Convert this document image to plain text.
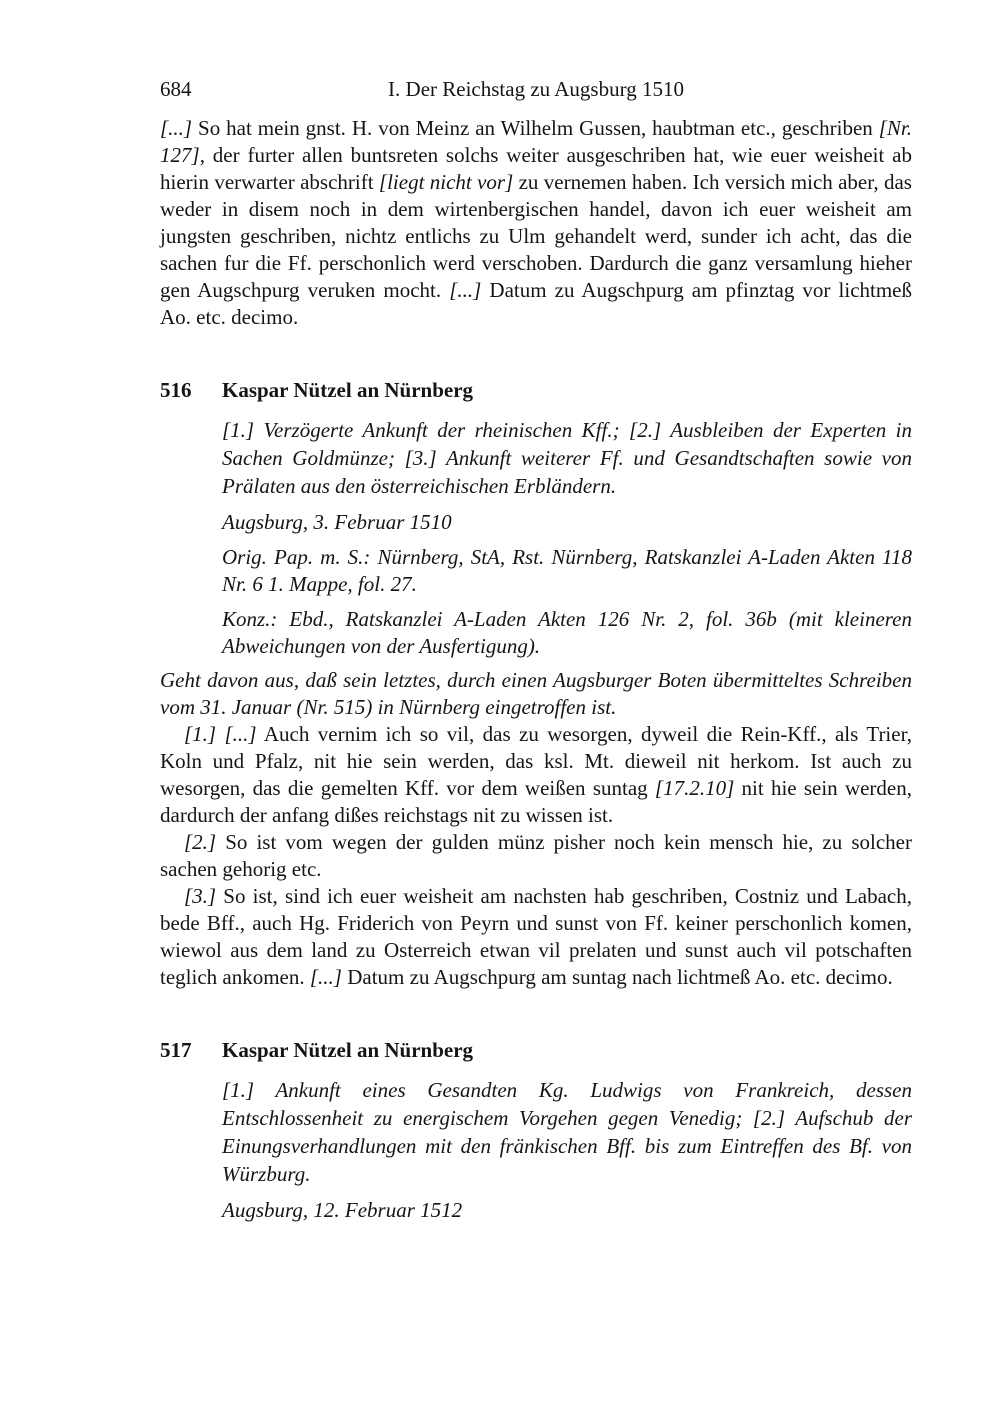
684	I. Der Reichstag zu Augsburg 1510

[...] So hat mein gnst. H. von Meinz an Wilhelm Gussen, haubtman etc., geschriben [Nr. 127], der furter allen buntsreten solchs weiter ausgeschriben hat, wie euer weisheit ab hierin verwarter abschrift [liegt nicht vor] zu vernemen haben. Ich versich mich aber, das weder in disem noch in dem wirtenbergischen handel, davon ich euer weisheit am jungsten geschriben, nichtz entlichs zu Ulm gehandelt werd, sunder ich acht, das die sachen fur die Ff. perschonlich werd verschoben. Dardurch die ganz versamlung hieher gen Augschpurg veruken mocht. [...] Datum zu Augschpurg am pfinztag vor lichtmeß Ao. etc. decimo.

516	Kaspar Nützel an Nürnberg

[1.] Verzögerte Ankunft der rheinischen Kff.; [2.] Ausbleiben der Experten in Sachen Goldmünze; [3.] Ankunft weiterer Ff. und Gesandtschaften sowie von Prälaten aus den österreichischen Erbländern.

Augsburg, 3. Februar 1510

Orig. Pap. m. S.: Nürnberg, StA, Rst. Nürnberg, Ratskanzlei A-Laden Akten 118 Nr. 6 1. Mappe, fol. 27.

Konz.: Ebd., Ratskanzlei A-Laden Akten 126 Nr. 2, fol. 36b (mit kleineren Abweichungen von der Ausfertigung).

Geht davon aus, daß sein letztes, durch einen Augsburger Boten übermitteltes Schreiben vom 31. Januar (Nr. 515) in Nürnberg eingetroffen ist.

[1.] [...] Auch vernim ich so vil, das zu wesorgen, dyweil die Rein-Kff., als Trier, Koln und Pfalz, nit hie sein werden, das ksl. Mt. dieweil nit herkom. Ist auch zu wesorgen, das die gemelten Kff. vor dem weißen suntag [17.2.10] nit hie sein werden, dardurch der anfang dißes reichstags nit zu wissen ist.

[2.] So ist vom wegen der gulden münz pisher noch kein mensch hie, zu solcher sachen gehorig etc.

[3.] So ist, sind ich euer weisheit am nachsten hab geschriben, Costniz und Labach, bede Bff., auch Hg. Friderich von Peyrn und sunst von Ff. keiner perschonlich komen, wiewol aus dem land zu Osterreich etwan vil prelaten und sunst auch vil potschaften teglich ankomen. [...] Datum zu Augschpurg am suntag nach lichtmeß Ao. etc. decimo.

517	Kaspar Nützel an Nürnberg

[1.] Ankunft eines Gesandten Kg. Ludwigs von Frankreich, dessen Entschlossenheit zu energischem Vorgehen gegen Venedig; [2.] Aufschub der Einungsverhandlungen mit den fränkischen Bff. bis zum Eintreffen des Bf. von Würzburg.

Augsburg, 12. Februar 1512
